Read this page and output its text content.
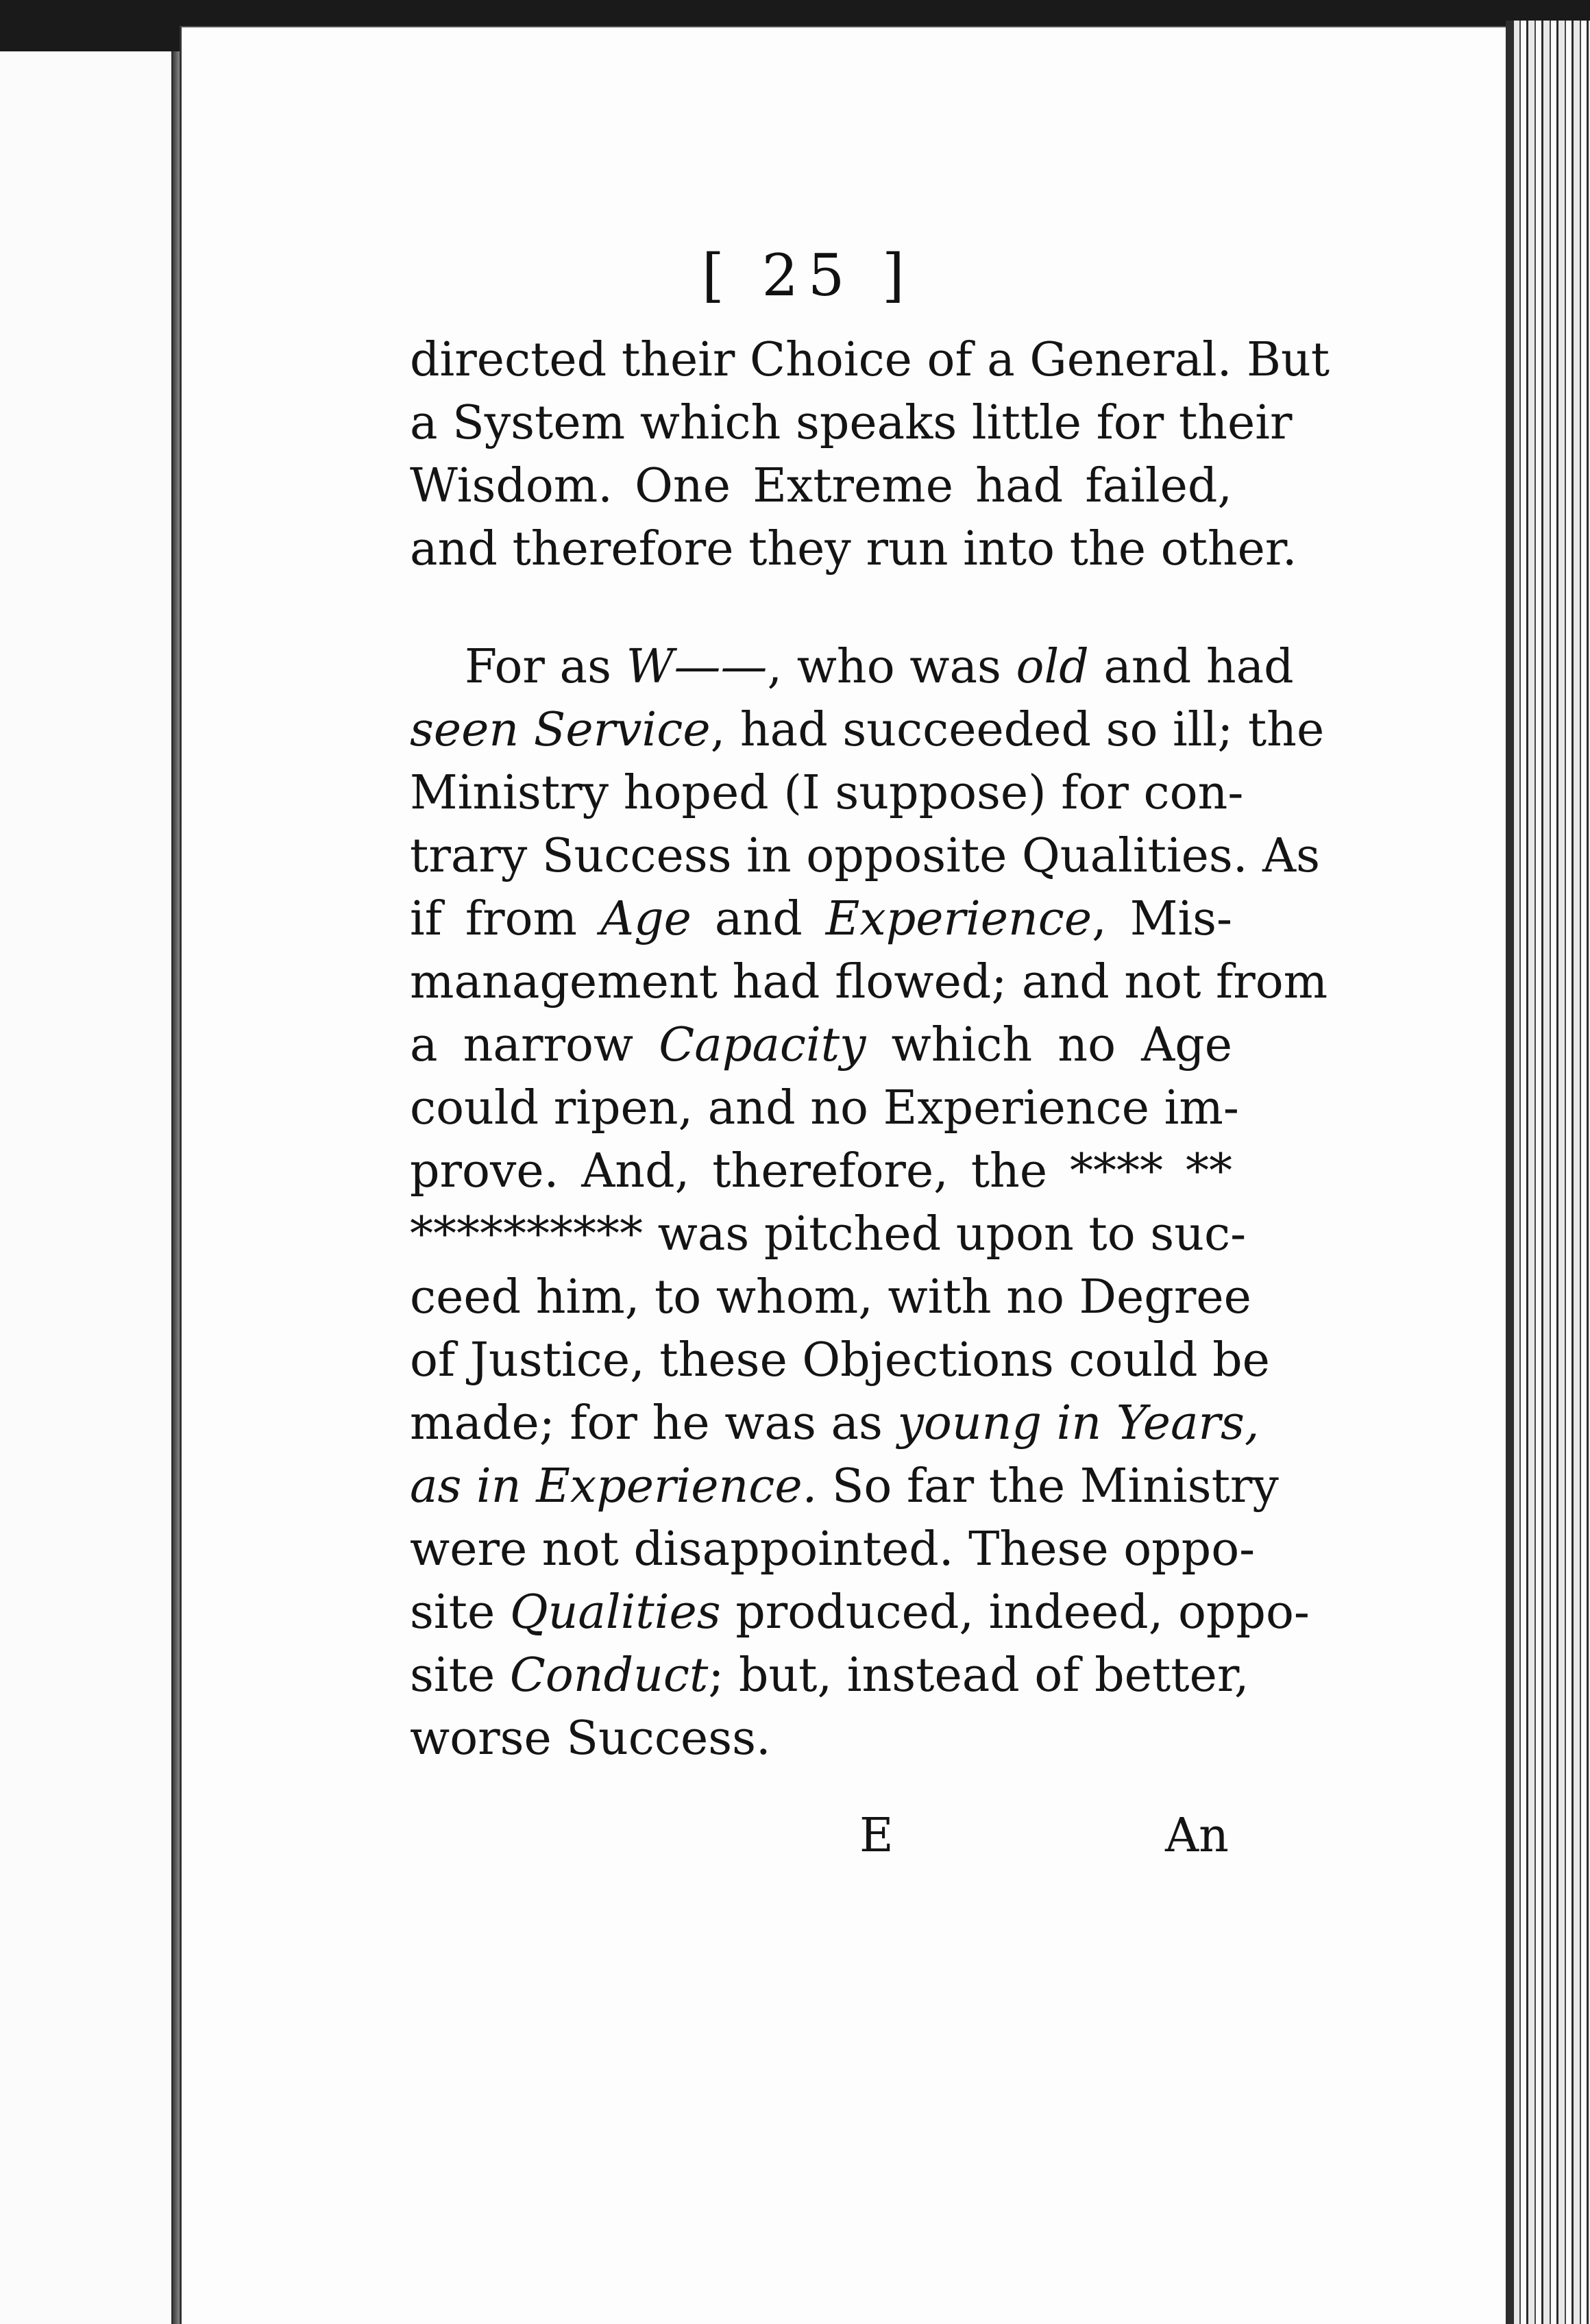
[ 25 ]
directed their Choice of a General. But
a System which speaks little for their
Wisdom. One Extreme had failed,
and therefore they run into the other.
For as W——, who was old and had
seen Service, had succeeded so ill; the
Ministry hoped (I suppose) for con-
trary Success in opposite Qualities. As
if from Age and Experience, Mis-
management had flowed; and not from
a narrow Capacity which no Age
could ripen, and no Experience im-
prove. And, therefore, the **** **
********** was pitched upon to suc-
ceed him, to whom, with no Degree
of Justice, these Objections could be
made; for he was as young in Years,
as in Experience. So far the Ministry
were not disappointed. These oppo-
site Qualities produced, indeed, oppo-
site Conduct; but, instead of better,
worse Success.
E	An
